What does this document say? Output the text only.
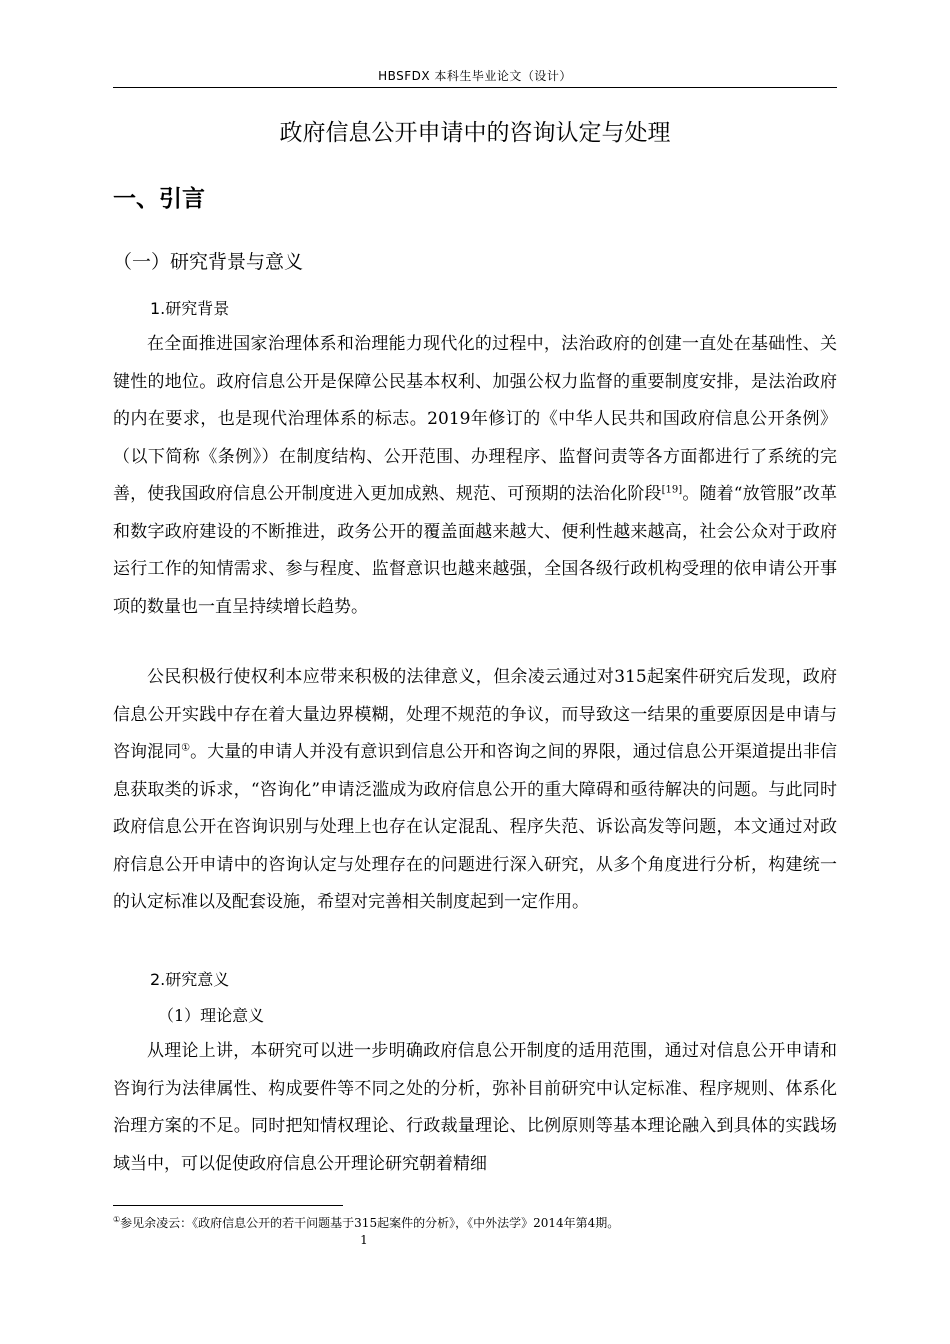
HBSFDX 本科生毕业论文（设计）
政府信息公开申请中的咨询认定与处理
一、引言
（一）研究背景与意义
1.研究背景

在全面推进国家治理体系和治理能力现代化的过程中，法治政府的创建一直处在基础性、关键性的地位。政府信息公开是保障公民基本权利、加强公权力监督的重要制度安排，是法治政府的内在要求，也是现代治理体系的标志。2019年修订的《中华人民共和国政府信息公开条例》（以下简称《条例》）在制度结构、公开范围、办理程序、监督问责等各方面都进行了系统的完善，使我国政府信息公开制度进入更加成熟、规范、可预期的法治化阶段[19]。随着“放管服”改革和数字政府建设的不断推进，政务公开的覆盖面越来越大、便利性越来越高，社会公众对于政府运行工作的知情需求、参与程度、监督意识也越来越强，全国各级行政机构受理的依申请公开事项的数量也一直呈持续增长趋势。

公民积极行使权利本应带来积极的法律意义，但余凌云通过对315起案件研究后发现，政府信息公开实践中存在着大量边界模糊，处理不规范的争议，而导致这一结果的重要原因是申请与咨询混同①。大量的申请人并没有意识到信息公开和咨询之间的界限，通过信息公开渠道提出非信息获取类的诉求，“咨询化”申请泛滥成为政府信息公开的重大障碍和亟待解决的问题。与此同时政府信息公开在咨询识别与处理上也存在认定混乱、程序失范、诉讼高发等问题，本文通过对政府信息公开申请中的咨询认定与处理存在的问题进行深入研究，从多个角度进行分析，构建统一的认定标准以及配套设施，希望对完善相关制度起到一定作用。

2.研究意义
（1）理论意义

从理论上讲，本研究可以进一步明确政府信息公开制度的适用范围，通过对信息公开申请和咨询行为法律属性、构成要件等不同之处的分析，弥补目前研究中认定标准、程序规则、体系化治理方案的不足。同时把知情权理论、行政裁量理论、比例原则等基本理论融入到具体的实践场域当中，可以促使政府信息公开理论研究朝着精细

①参见余凌云：《政府信息公开的若干问题基于315起案件的分析》，《中外法学》2014年第4期。
1
